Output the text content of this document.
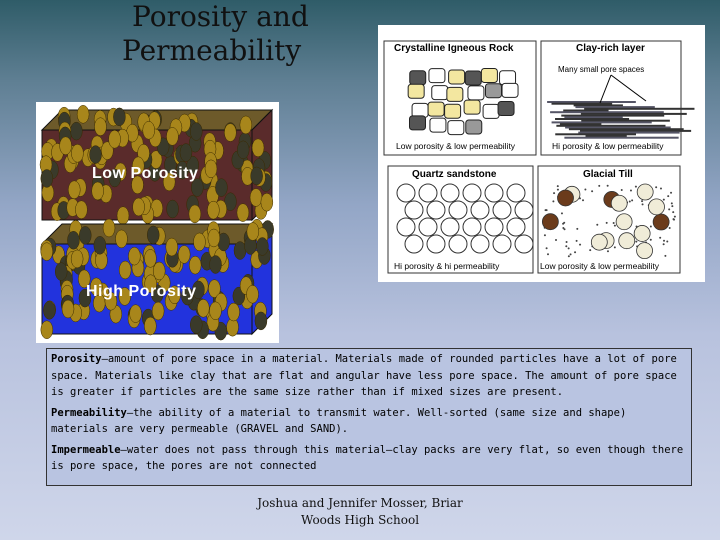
Porosity and
Permeability
Low Porosity
High Porosity
Crystalline Igneous Rock	Clay-rich layer
Many small pore spaces
Low porosity & low permeability	Hi porosity & low permeability
Quartz sandstone	Glacial Till
Hi porosity & hi permeability	Low porosity & low permeability

Porosity—amount of pore space in a material. Materials made of rounded particles have a lot of pore space. Materials like clay that are flat and angular have less pore space. The amount of pore space is greater if particles are the same size rather than if mixed sizes are present.

Permeability—the ability of a material to transmit water. Well-sorted (same size and shape) materials are very permeable (GRAVEL and SAND).

Impermeable—water does not pass through this material—clay packs are very flat, so even though there is pore space, the pores are not connected

Joshua and Jennifer Mosser, Briar
Woods High School
